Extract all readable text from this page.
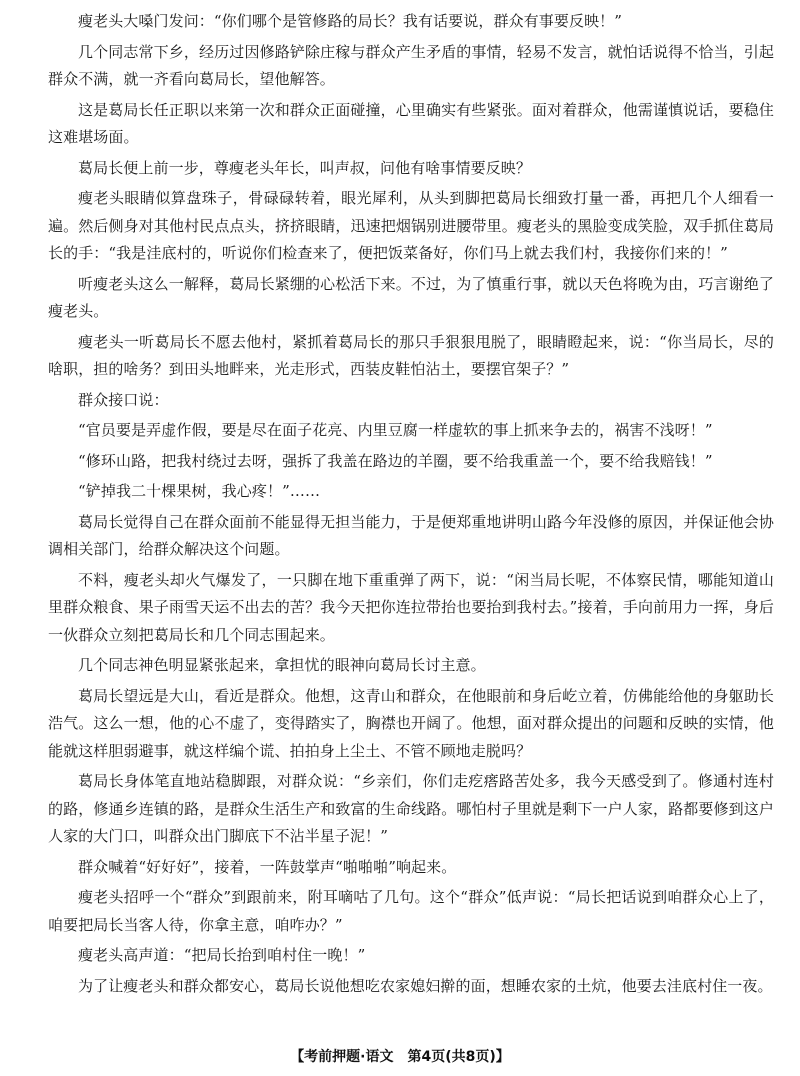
瘦老头大嗓门发问：“你们哪个是管修路的局长？我有话要说，群众有事要反映！”

几个同志常下乡，经历过因修路铲除庄稼与群众产生矛盾的事情，轻易不发言，就怕话说得不恰当，引起群众不满，就一齐看向葛局长，望他解答。

这是葛局长任正职以来第一次和群众正面碰撞，心里确实有些紧张。面对着群众，他需谨慎说话，要稳住这难堪场面。

葛局长便上前一步，尊瘦老头年长，叫声叔，问他有啥事情要反映？

瘦老头眼睛似算盘珠子，骨碌碌转着，眼光犀利，从头到脚把葛局长细致打量一番，再把几个人细看一遍。然后侧身对其他村民点点头，挤挤眼睛，迅速把烟锅别进腰带里。瘦老头的黑脸变成笑脸，双手抓住葛局长的手：“我是洼底村的，听说你们检查来了，便把饭菜备好，你们马上就去我们村，我接你们来的！”

听瘦老头这么一解释，葛局长紧绷的心松活下来。不过，为了慎重行事，就以天色将晚为由，巧言谢绝了瘦老头。

瘦老头一听葛局长不愿去他村，紧抓着葛局长的那只手狠狠甩脱了，眼睛瞪起来，说：“你当局长，尽的啥职，担的啥务？到田头地畔来，光走形式，西装皮鞋怕沾土，要摆官架子？”

群众接口说：

“官员要是弄虚作假，要是尽在面子花亮、内里豆腐一样虚软的事上抓来争去的，祸害不浅呀！”

“修环山路，把我村绕过去呀，强拆了我盖在路边的羊圈，要不给我重盖一个，要不给我赔钱！”

“铲掉我二十棵果树，我心疼！”……

葛局长觉得自己在群众面前不能显得无担当能力，于是便郑重地讲明山路今年没修的原因，并保证他会协调相关部门，给群众解决这个问题。

不料，瘦老头却火气爆发了，一只脚在地下重重弹了两下，说：“闲当局长呢，不体察民情，哪能知道山里群众粮食、果子雨雪天运不出去的苦？我今天把你连拉带抬也要抬到我村去。”接着，手向前用力一挥，身后一伙群众立刻把葛局长和几个同志围起来。

几个同志神色明显紧张起来，拿担忧的眼神向葛局长讨主意。

葛局长望远是大山，看近是群众。他想，这青山和群众，在他眼前和身后屹立着，仿佛能给他的身躯助长浩气。这么一想，他的心不虚了，变得踏实了，胸襟也开阔了。他想，面对群众提出的问题和反映的实情，他能就这样胆弱避事，就这样编个谎、拍拍身上尘土、不管不顾地走脱吗？

葛局长身体笔直地站稳脚跟，对群众说：“乡亲们，你们走疙瘩路苦处多，我今天感受到了。修通村连村的路，修通乡连镇的路，是群众生活生产和致富的生命线路。哪怕村子里就是剩下一户人家，路都要修到这户人家的大门口，叫群众出门脚底下不沾半星子泥！”

群众喊着“好好好”，接着，一阵鼓掌声“啪啪啪”响起来。

瘦老头招呼一个“群众”到跟前来，附耳嘀咕了几句。这个“群众”低声说：“局长把话说到咱群众心上了，咱要把局长当客人待，你拿主意，咱咋办？”

瘦老头高声道：“把局长抬到咱村住一晚！”

为了让瘦老头和群众都安心，葛局长说他想吃农家媳妇擀的面，想睡农家的土炕，他要去洼底村住一夜。

【考前押题·语文　第4页(共8页)】
